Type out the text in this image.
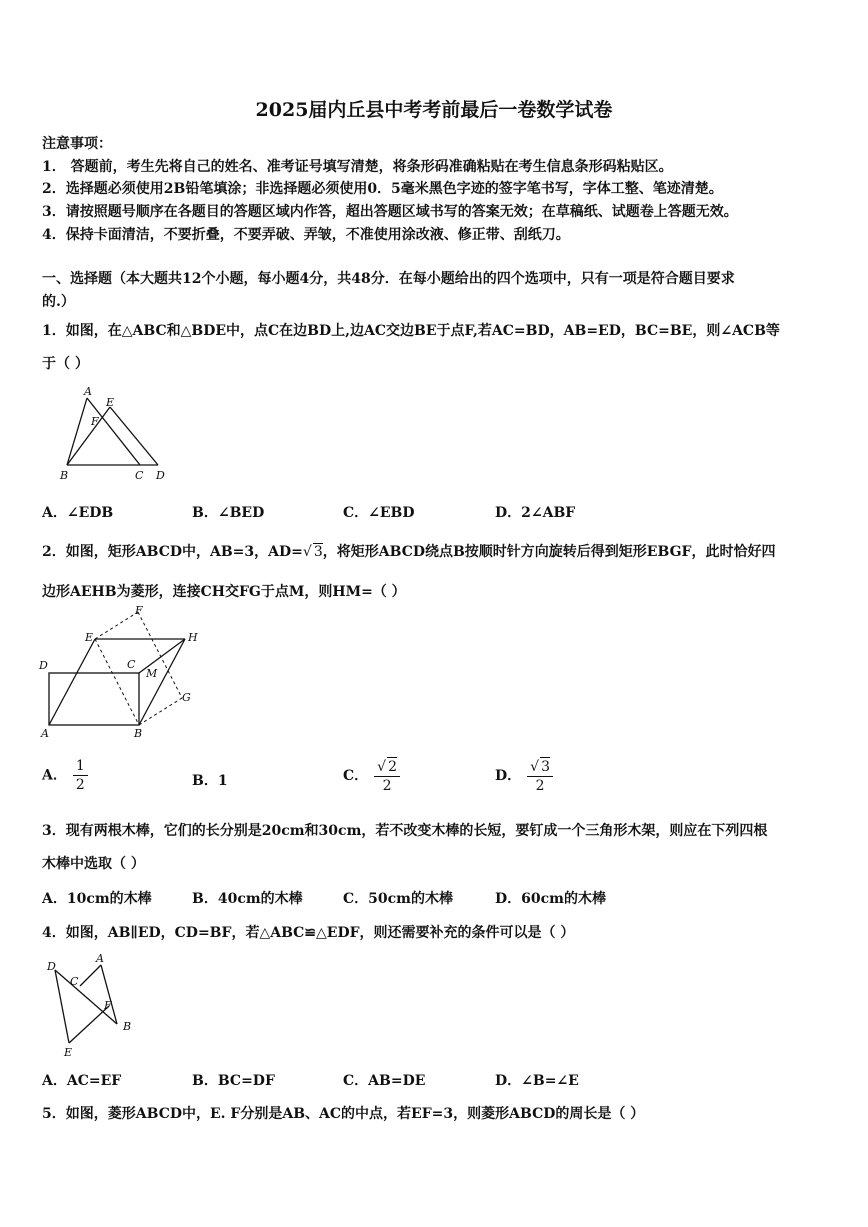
2025届内丘县中考考前最后一卷数学试卷
注意事项：
1． 答题前，考生先将自己的姓名、准考证号填写清楚，将条形码准确粘贴在考生信息条形码粘贴区。
2．选择题必须使用2B铅笔填涂；非选择题必须使用0．5毫米黑色字迹的签字笔书写，字体工整、笔迹清楚。
3．请按照题号顺序在各题目的答题区域内作答，超出答题区域书写的答案无效；在草稿纸、试题卷上答题无效。
4．保持卡面清洁，不要折叠，不要弄破、弄皱，不准使用涂改液、修正带、刮纸刀。
一、选择题（本大题共12个小题，每小题4分，共48分．在每小题给出的四个选项中，只有一项是符合题目要求
的.）
1．如图，在△ABC和△BDE中，点C在边BD上,边AC交边BE于点F,若AC=BD，AB=ED，BC=BE，则∠ACB等
于（ ）
A
E
F
B	C D
A．∠EDB	B．∠BED	C．∠EBD	D．2∠ABF
2．如图，矩形ABCD中，AB=3，AD=√ 3，将矩形ABCD绕点B按顺时针方向旋转后得到矩形EBGF，此时恰好四
边形AEHB为菱形，连接CH交FG于点M，则HM=（ ）
F
E	H
D	C
M
G
A	B
A． $\frac{1}{2}$	B．1	C． $\frac{√ 2}{2}$	D． $\frac{√ 3}{2}$
3．现有两根木棒，它们的长分别是20cm和30cm，若不改变木棒的长短，要钉成一个三角形木架，则应在下列四根
木棒中选取（ ）
A．10cm的木棒	B．40cm的木棒	C．50cm的木棒	D．60cm的木棒
4．如图，AB∥ED，CD=BF，若△ABC≌△EDF，则还需要补充的条件可以是（ ）
D
A
C
F
B
E
A．AC=EF	B．BC=DF	C．AB=DE	D．∠B=∠E
5．如图，菱形ABCD中，E. F分别是AB、AC的中点，若EF=3，则菱形ABCD的周长是（ ）
